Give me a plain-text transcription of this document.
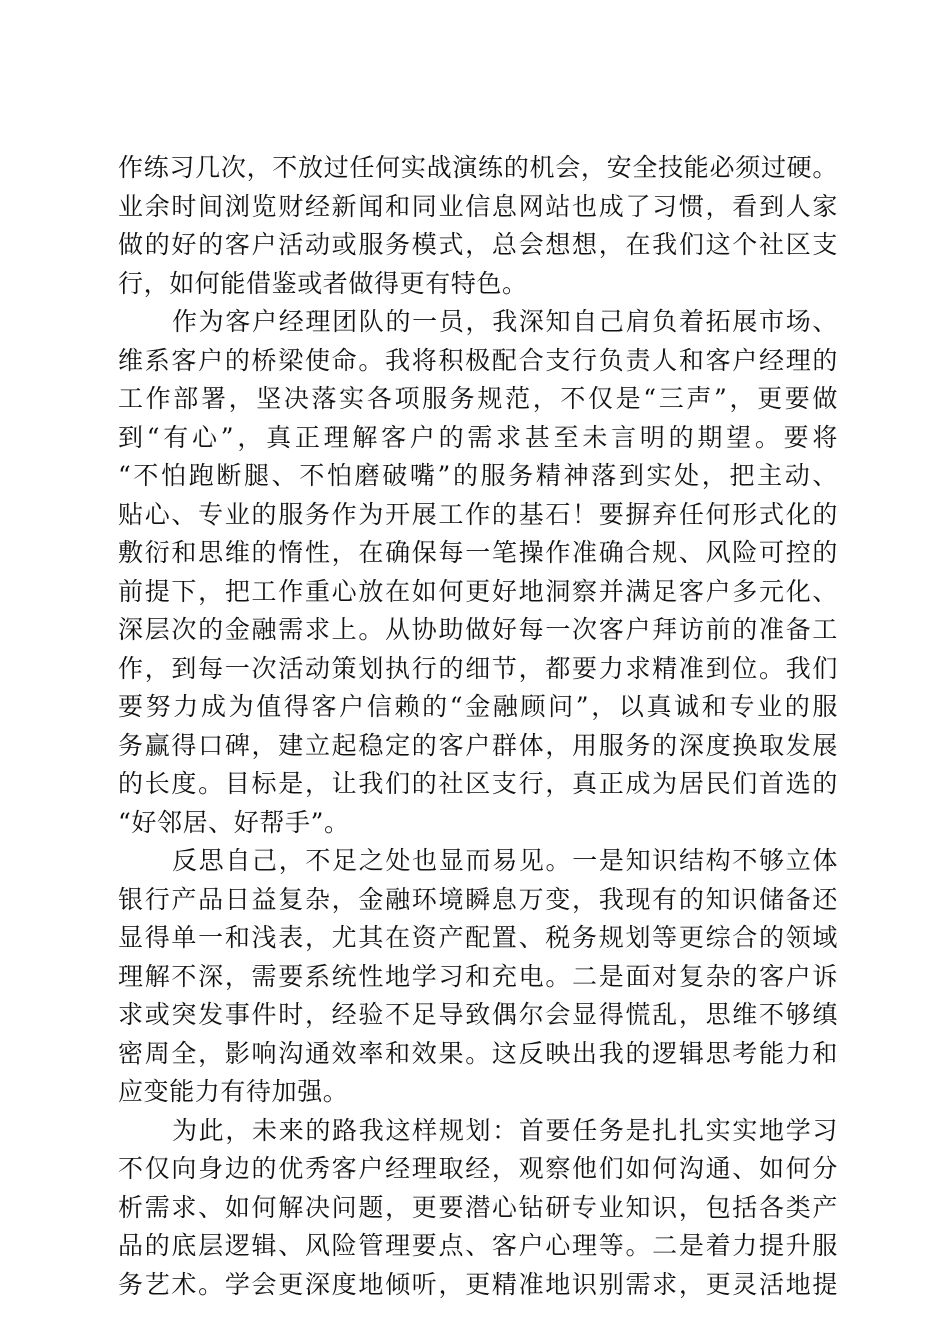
作练习几次，不放过任何实战演练的机会，安全技能必须过硬。
业余时间浏览财经新闻和同业信息网站也成了习惯，看到人家
做的好的客户活动或服务模式，总会想想，在我们这个社区支
行，如何能借鉴或者做得更有特色。
作为客户经理团队的一员，我深知自己肩负着拓展市场、
维系客户的桥梁使命。我将积极配合支行负责人和客户经理的
工作部署，坚决落实各项服务规范，不仅是“三声”，更要做
到“有心”，真正理解客户的需求甚至未言明的期望。要将
“不怕跑断腿、不怕磨破嘴”的服务精神落到实处，把主动、
贴心、专业的服务作为开展工作的基石！要摒弃任何形式化的
敷衍和思维的惰性，在确保每一笔操作准确合规、风险可控的
前提下，把工作重心放在如何更好地洞察并满足客户多元化、
深层次的金融需求上。从协助做好每一次客户拜访前的准备工
作，到每一次活动策划执行的细节，都要力求精准到位。我们
要努力成为值得客户信赖的“金融顾问”，以真诚和专业的服
务赢得口碑，建立起稳定的客户群体，用服务的深度换取发展
的长度。目标是，让我们的社区支行，真正成为居民们首选的
“好邻居、好帮手”。
反思自己，不足之处也显而易见。一是知识结构不够立体
银行产品日益复杂，金融环境瞬息万变，我现有的知识储备还
显得单一和浅表，尤其在资产配置、税务规划等更综合的领域
理解不深，需要系统性地学习和充电。二是面对复杂的客户诉
求或突发事件时，经验不足导致偶尔会显得慌乱，思维不够缜
密周全，影响沟通效率和效果。这反映出我的逻辑思考能力和
应变能力有待加强。
为此，未来的路我这样规划：首要任务是扎扎实实地学习
不仅向身边的优秀客户经理取经，观察他们如何沟通、如何分
析需求、如何解决问题，更要潜心钻研专业知识，包括各类产
品的底层逻辑、风险管理要点、客户心理等。二是着力提升服
务艺术。学会更深度地倾听，更精准地识别需求，更灵活地提
